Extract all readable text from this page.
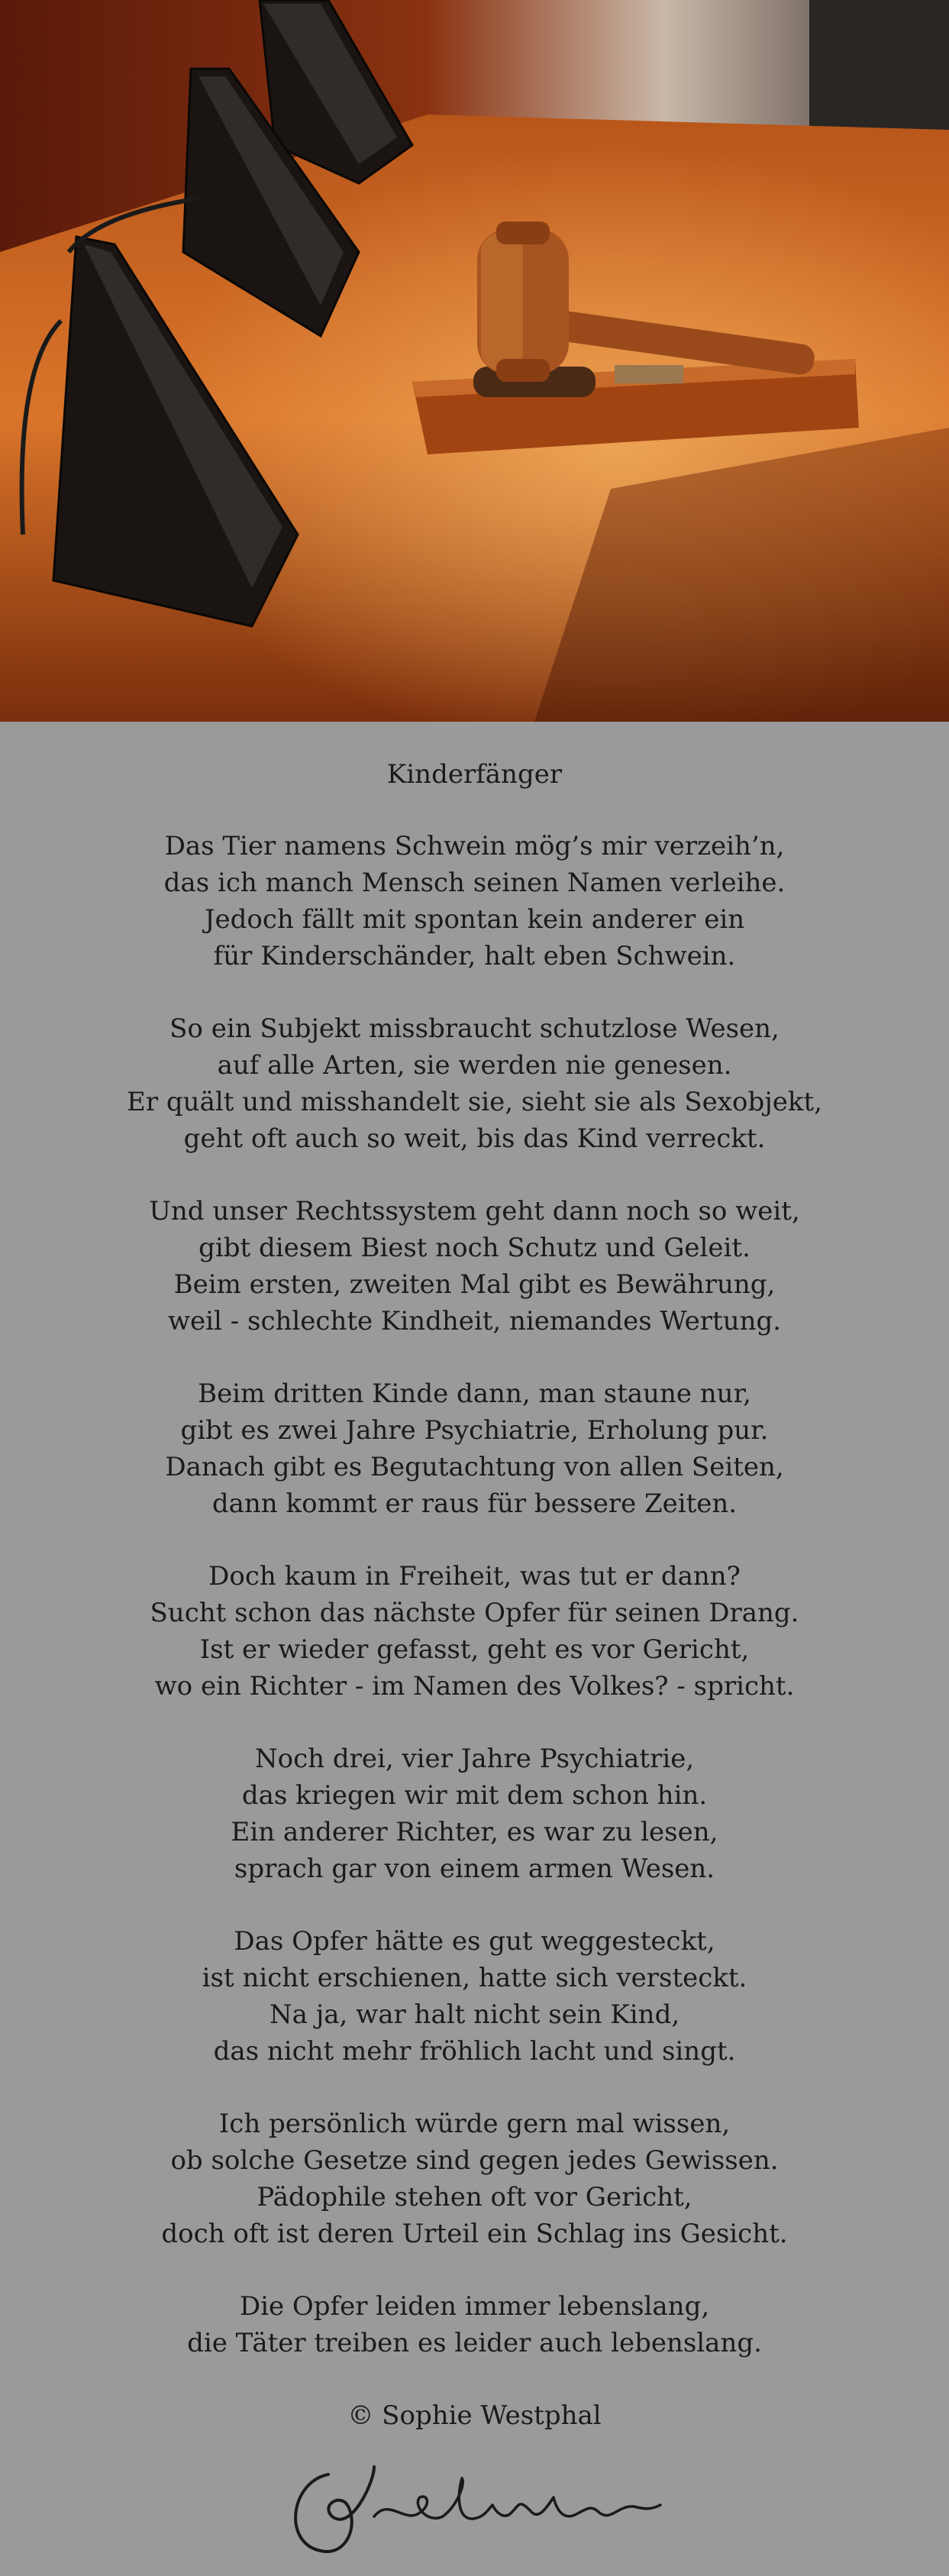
Kinderfänger
Das Tier namens Schwein mög’s mir verzeih’n,
das ich manch Mensch seinen Namen verleihe.
Jedoch fällt mit spontan kein anderer ein
für Kinderschänder, halt eben Schwein.
So ein Subjekt missbraucht schutzlose Wesen,
auf alle Arten, sie werden nie genesen.
Er quält und misshandelt sie, sieht sie als Sexobjekt,
geht oft auch so weit, bis das Kind verreckt.
Und unser Rechtssystem geht dann noch so weit,
gibt diesem Biest noch Schutz und Geleit.
Beim ersten, zweiten Mal gibt es Bewährung,
weil - schlechte Kindheit, niemandes Wertung.
Beim dritten Kinde dann, man staune nur,
gibt es zwei Jahre Psychiatrie, Erholung pur.
Danach gibt es Begutachtung von allen Seiten,
dann kommt er raus für bessere Zeiten.
Doch kaum in Freiheit, was tut er dann?
Sucht schon das nächste Opfer für seinen Drang.
Ist er wieder gefasst, geht es vor Gericht,
wo ein Richter - im Namen des Volkes? - spricht.
Noch drei, vier Jahre Psychiatrie,
das kriegen wir mit dem schon hin.
Ein anderer Richter, es war zu lesen,
sprach gar von einem armen Wesen.
Das Opfer hätte es gut weggesteckt,
ist nicht erschienen, hatte sich versteckt.
Na ja, war halt nicht sein Kind,
das nicht mehr fröhlich lacht und singt.
Ich persönlich würde gern mal wissen,
ob solche Gesetze sind gegen jedes Gewissen.
Pädophile stehen oft vor Gericht,
doch oft ist deren Urteil ein Schlag ins Gesicht.
Die Opfer leiden immer lebenslang,
die Täter treiben es leider auch lebenslang.
© Sophie Westphal
